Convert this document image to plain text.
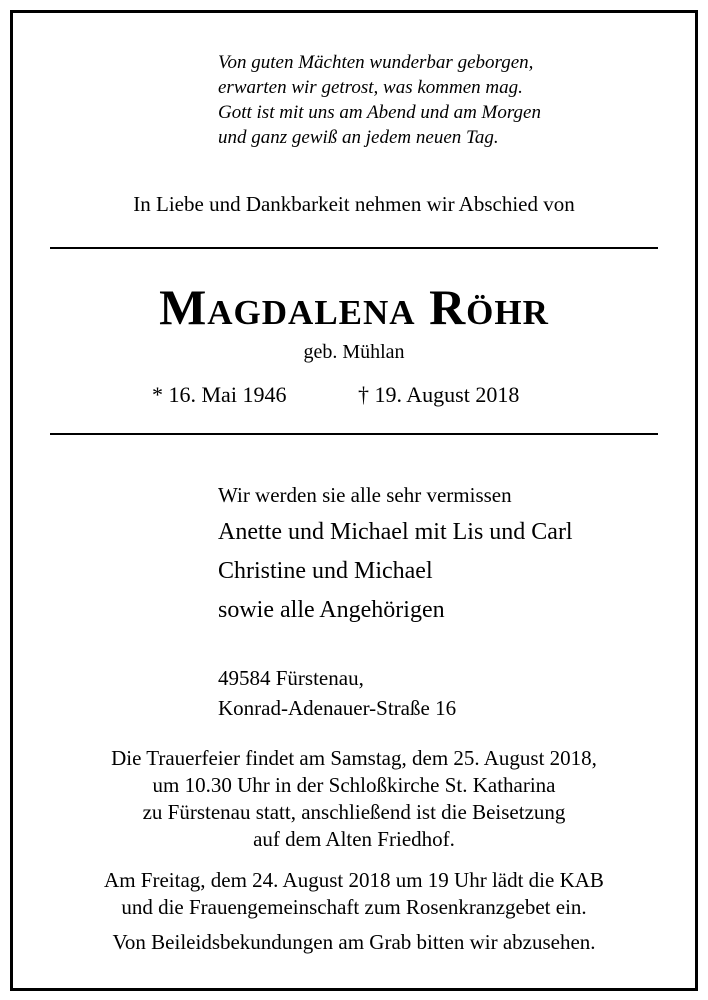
Von guten Mächten wunderbar geborgen,
erwarten wir getrost, was kommen mag.
Gott ist mit uns am Abend und am Morgen
und ganz gewiß an jedem neuen Tag.
In Liebe und Dankbarkeit nehmen wir Abschied von
Magdalena Röhr
geb. Mühlan
* 16. Mai 1946	† 19. August 2018
Wir werden sie alle sehr vermissen
Anette und Michael mit Lis und Carl
Christine und Michael
sowie alle Angehörigen
49584 Fürstenau,
Konrad-Adenauer-Straße 16
Die Trauerfeier findet am Samstag, dem 25. August 2018,
um 10.30 Uhr in der Schloßkirche St. Katharina
zu Fürstenau statt, anschließend ist die Beisetzung
auf dem Alten Friedhof.
Am Freitag, dem 24. August 2018 um 19 Uhr lädt die KAB
und die Frauengemeinschaft zum Rosenkranzgebet ein.
Von Beileidsbekundungen am Grab bitten wir abzusehen.
